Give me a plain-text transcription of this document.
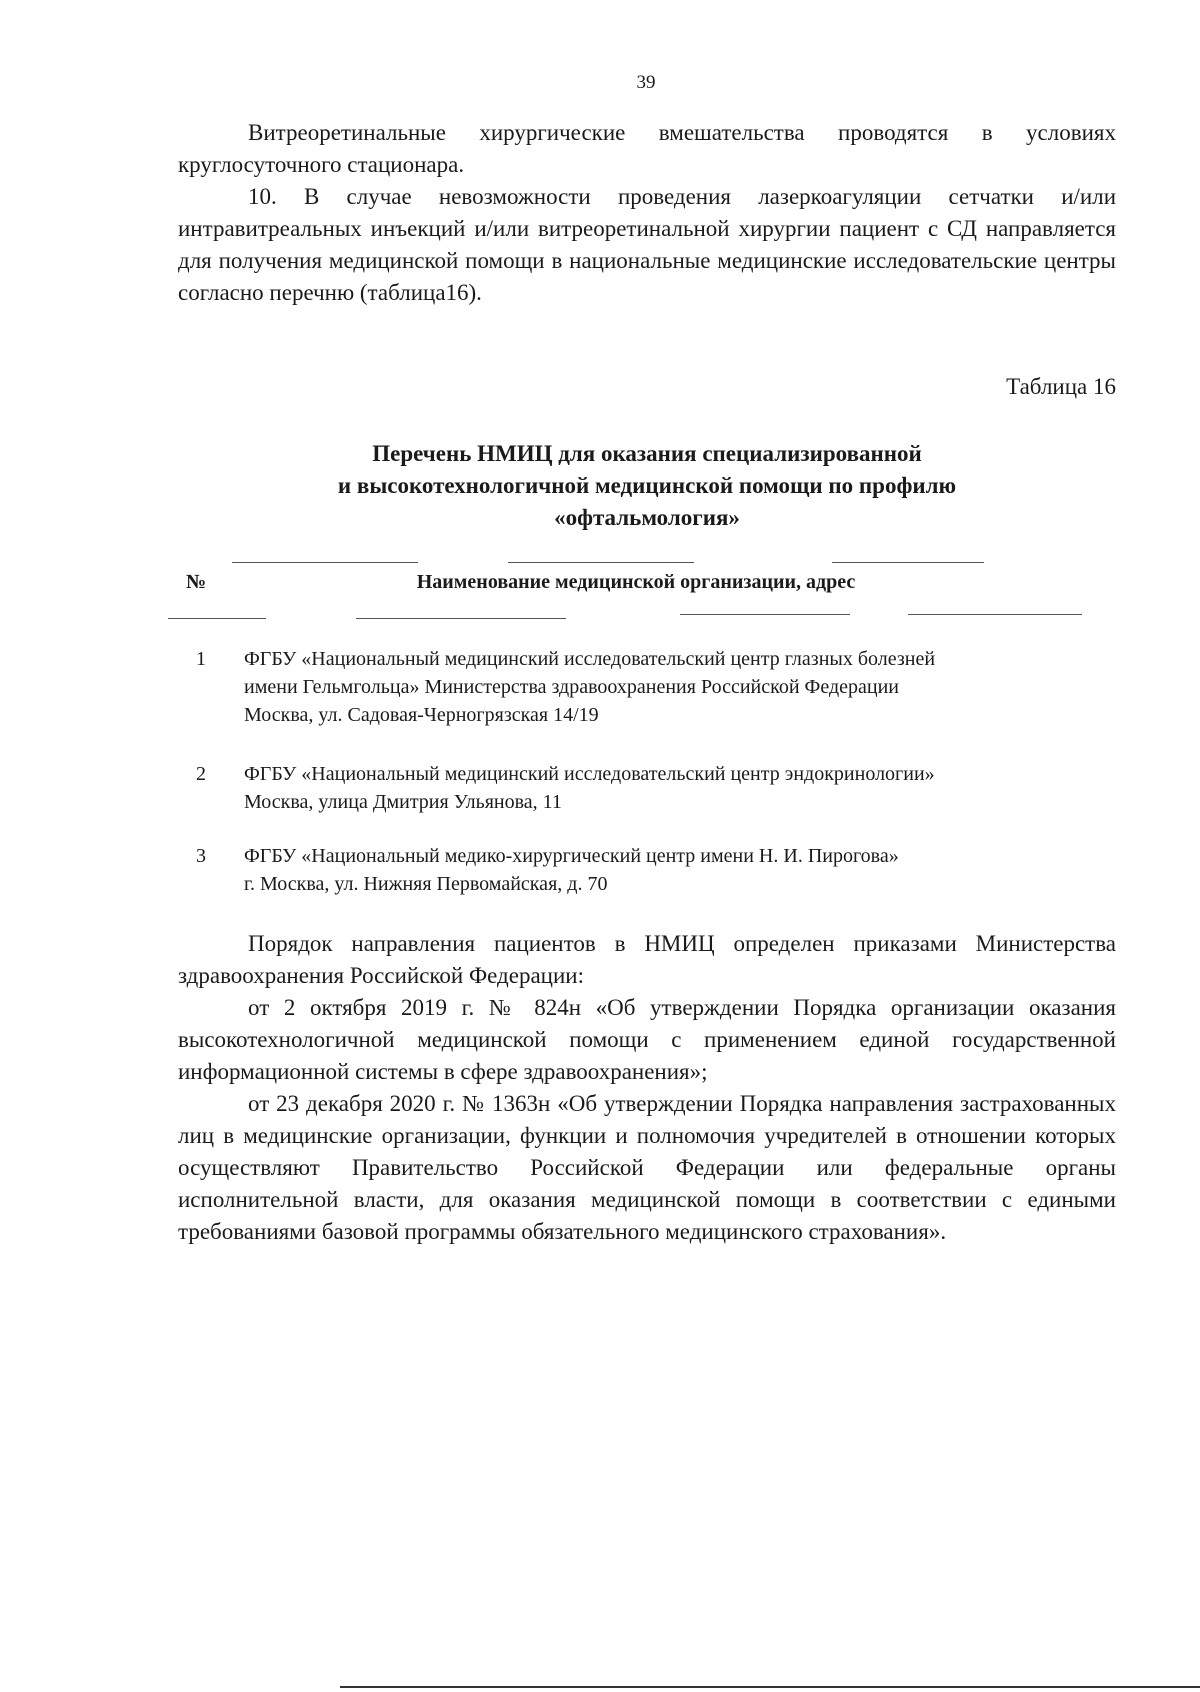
39

Витреоретинальные хирургические вмешательства проводятся в условиях круглосуточного стационара.

10. В случае невозможности проведения лазеркоагуляции сетчатки и/или интравитреальных инъекций и/или витреоретинальной хирургии пациент с СД направляется для получения медицинской помощи в национальные медицинские исследовательские центры согласно перечню (таблица16).

Таблица 16
Перечень НМИЦ для оказания специализированной
и высокотехнологичной медицинской помощи по профилю
«офтальмология»
№	Наименование медицинской организации, адрес
1 ФГБУ «Национальный медицинский исследовательский центр глазных болезней
имени Гельмгольца» Министерства здравоохранения Российской Федерации
Москва, ул. Садовая-Черногрязская 14/19
2 ФГБУ «Национальный медицинский исследовательский центр эндокринологии»
Москва, улица Дмитрия Ульянова, 11
3 ФГБУ «Национальный медико-хирургический центр имени Н. И. Пирогова»
г. Москва, ул. Нижняя Первомайская, д. 70

Порядок направления пациентов в НМИЦ определен приказами Министерства здравоохранения Российской Федерации:

от 2 октября 2019 г. № 824н «Об утверждении Порядка организации оказания высокотехнологичной медицинской помощи с применением единой государственной информационной системы в сфере здравоохранения»;

от 23 декабря 2020 г. № 1363н «Об утверждении Порядка направления застрахованных лиц в медицинские организации, функции и полномочия учредителей в отношении которых осуществляют Правительство Российской Федерации или федеральные органы исполнительной власти, для оказания медицинской помощи в соответствии с едиными требованиями базовой программы обязательного медицинского страхования».
